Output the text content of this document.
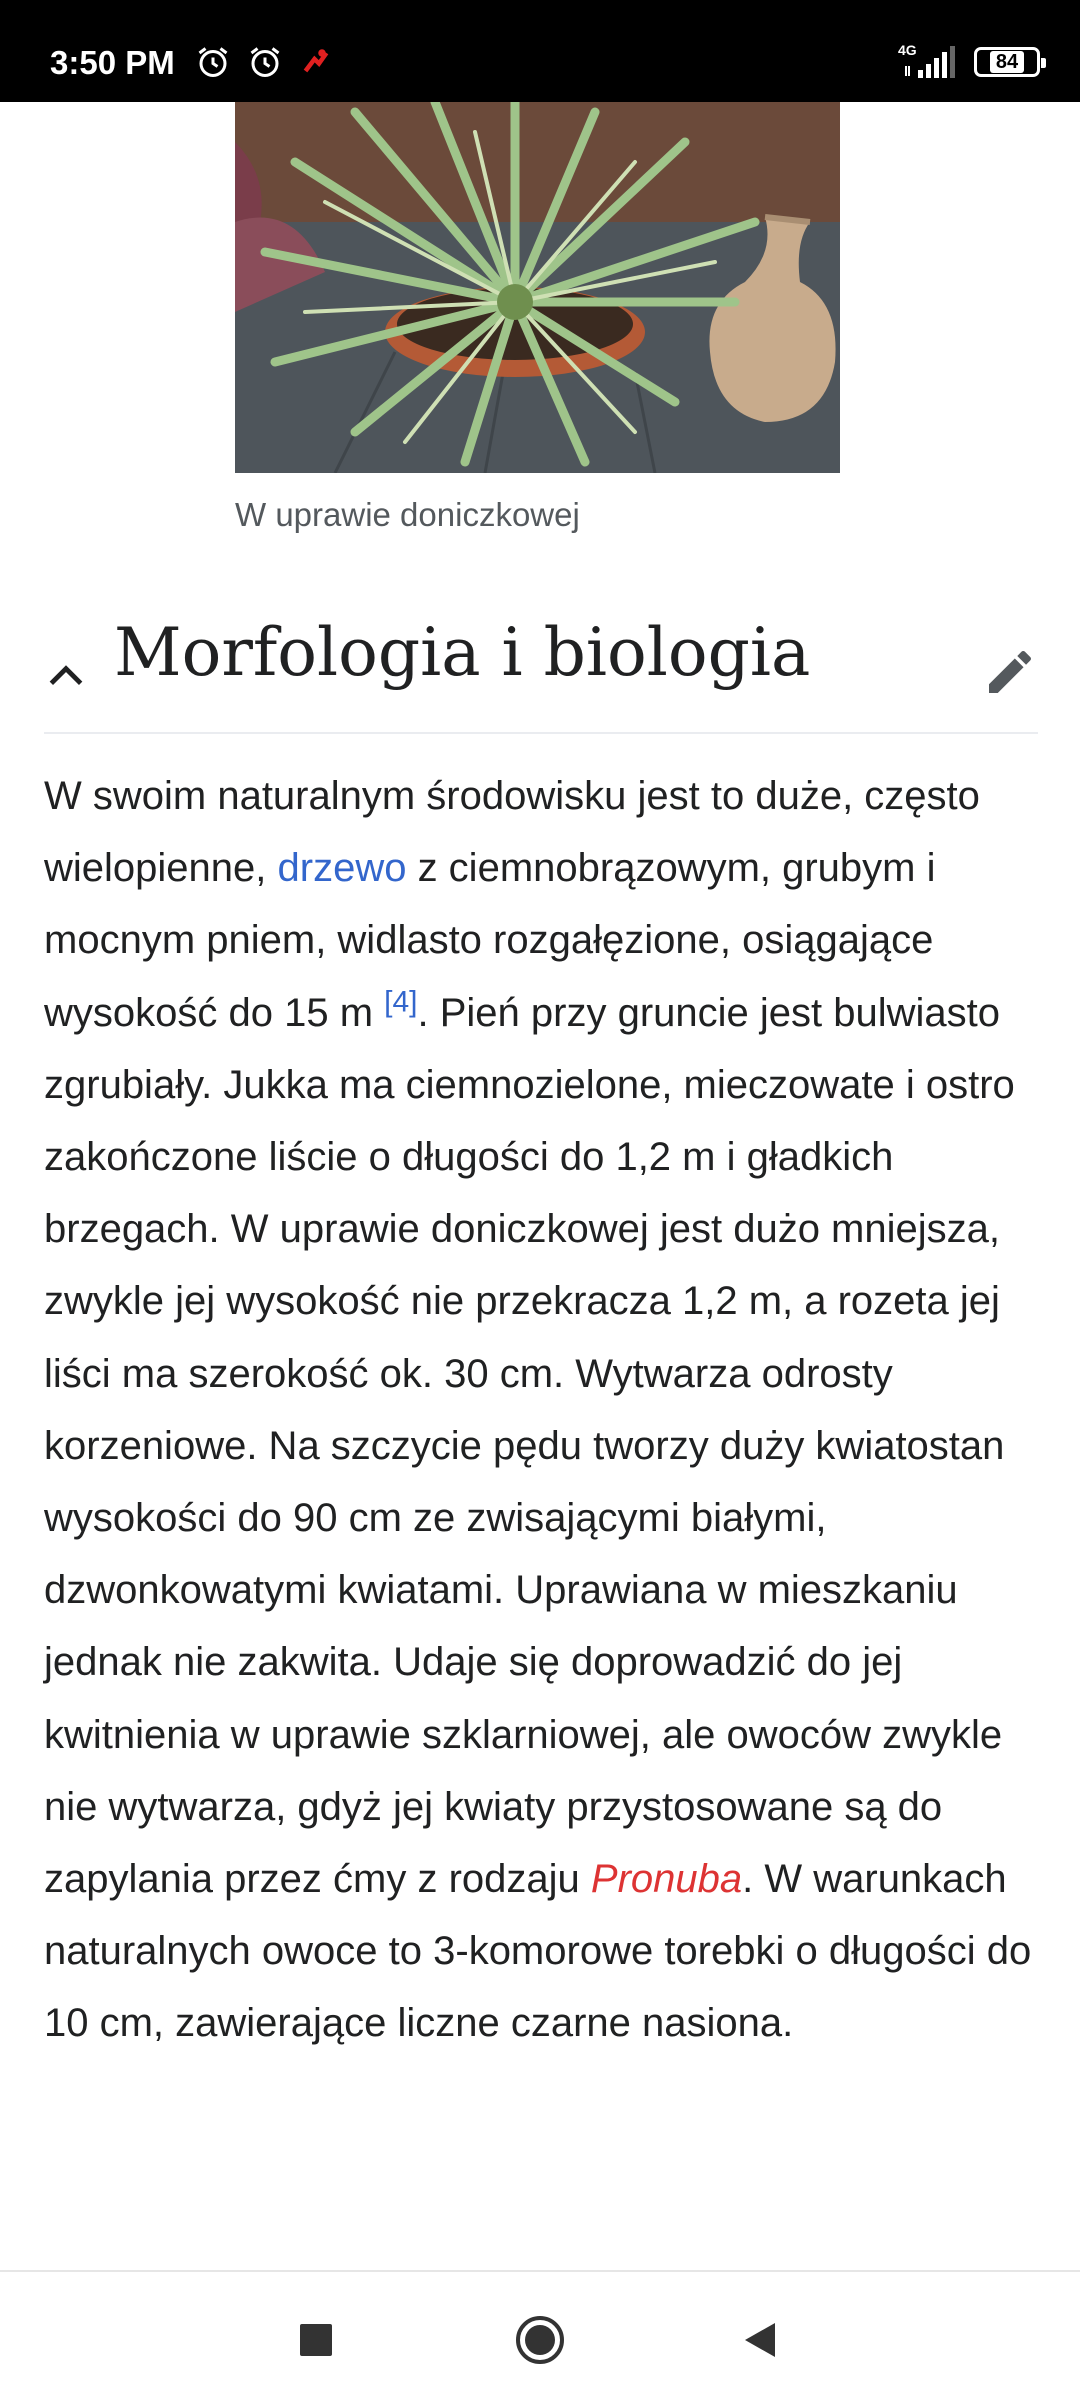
3:50 PM	4G
84
W uprawie doniczkowej
Morfologia i biologia

W swoim naturalnym środowisku jest to duże, często wielopienne, drzewo z ciemnobrązowym, grubym i mocnym pniem, widlasto rozgałęzione, osiągające wysokość do 15 m [4]. Pień przy gruncie jest bulwiasto zgrubiały. Jukka ma ciemnozielone, mieczowate i ostro zakończone liście o długości do 1,2 m i gładkich brzegach. W uprawie doniczkowej jest dużo mniejsza, zwykle jej wysokość nie przekracza 1,2 m, a rozeta jej liści ma szerokość ok. 30 cm. Wytwarza odrosty korzeniowe. Na szczycie pędu tworzy duży kwiatostan wysokości do 90 cm ze zwisającymi białymi, dzwonkowatymi kwiatami. Uprawiana w mieszkaniu jednak nie zakwita. Udaje się doprowadzić do jej kwitnienia w uprawie szklarniowej, ale owoców zwykle nie wytwarza, gdyż jej kwiaty przystosowane są do zapylania przez ćmy z rodzaju Pronuba. W warunkach naturalnych owoce to 3-komorowe torebki o długości do 10 cm, zawierające liczne czarne nasiona.
